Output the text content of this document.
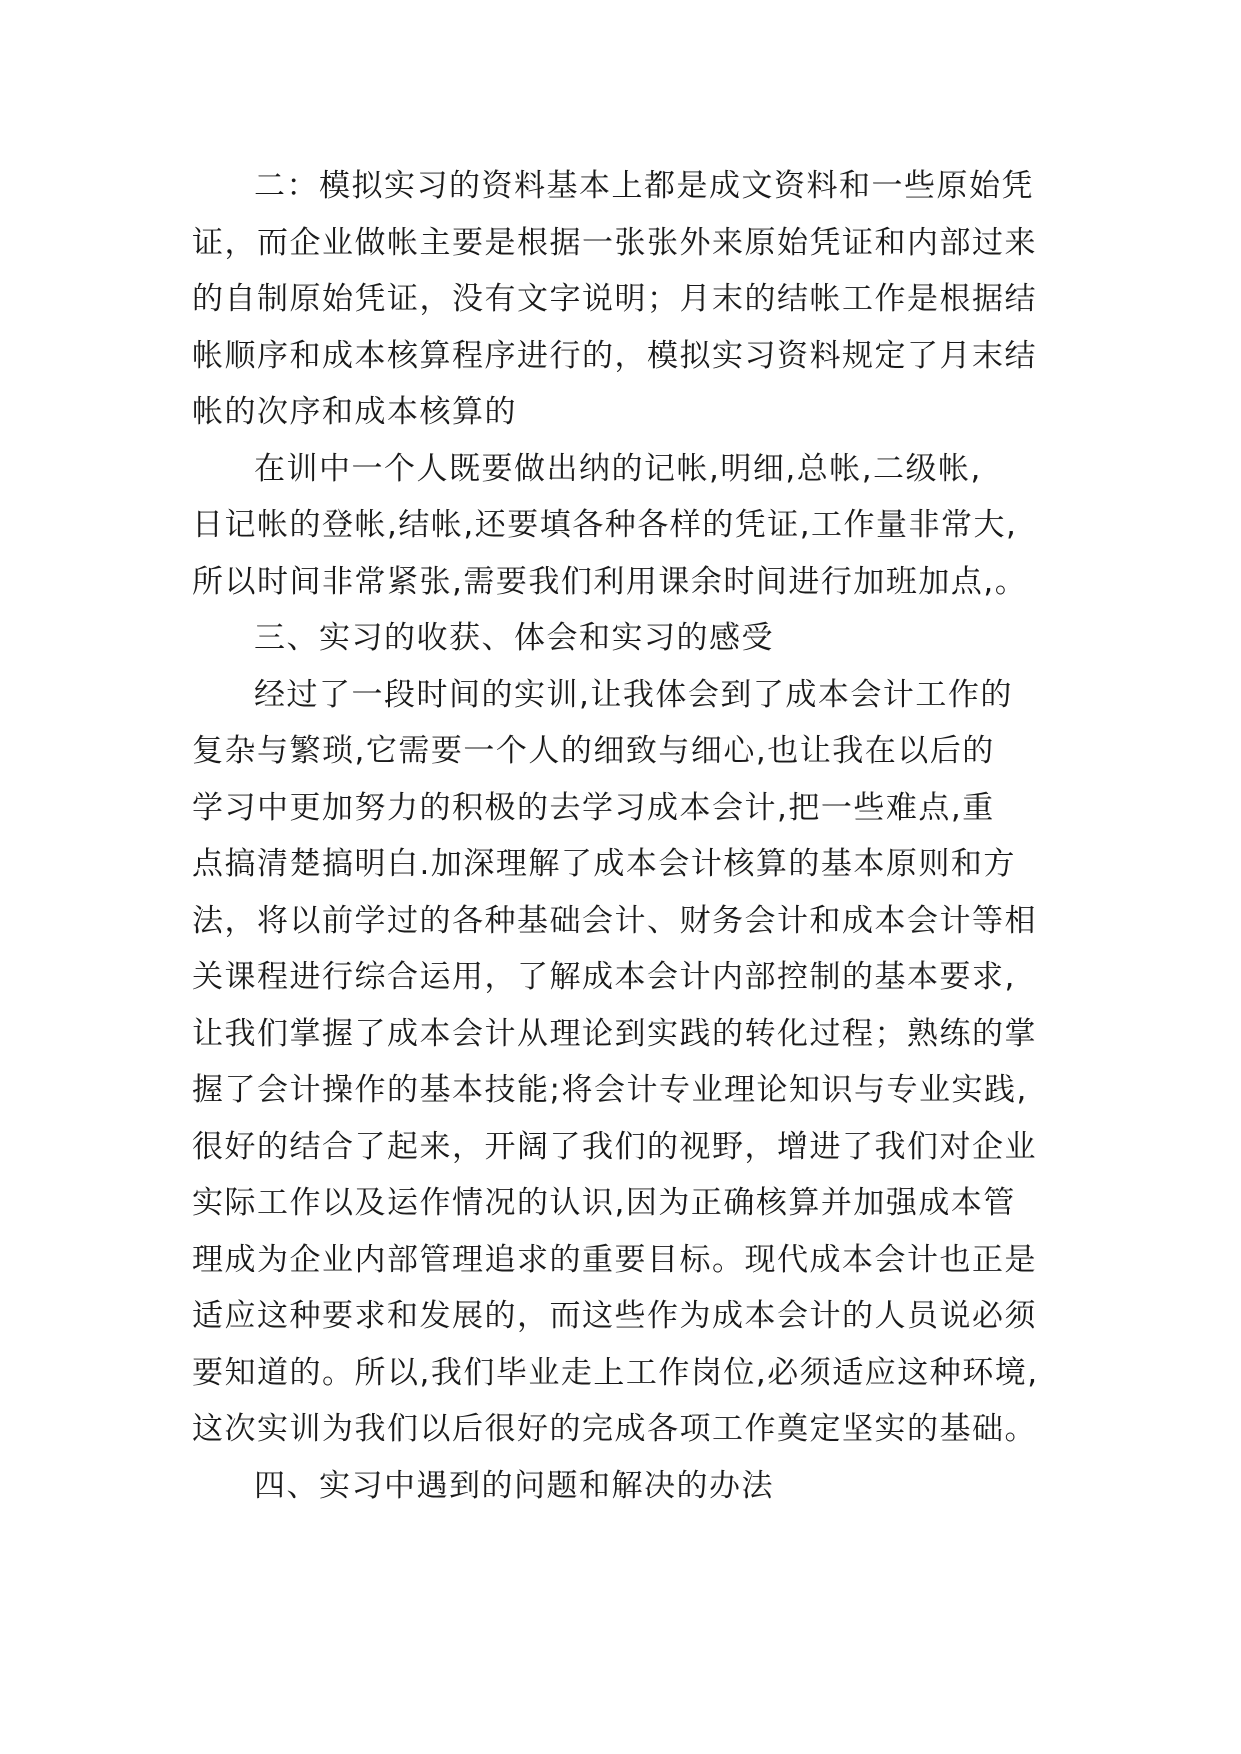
二：模拟实习的资料基本上都是成文资料和一些原始凭
证，而企业做帐主要是根据一张张外来原始凭证和内部过来
的自制原始凭证，没有文字说明；月末的结帐工作是根据结
帐顺序和成本核算程序进行的，模拟实习资料规定了月末结
帐的次序和成本核算的

在训中一个人既要做出纳的记帐,明细,总帐,二级帐,
日记帐的登帐,结帐,还要填各种各样的凭证,工作量非常大,
所以时间非常紧张,需要我们利用课余时间进行加班加点,。

三、实习的收获、体会和实习的感受

经过了一段时间的实训,让我体会到了成本会计工作的
复杂与繁琐,它需要一个人的细致与细心,也让我在以后的
学习中更加努力的积极的去学习成本会计,把一些难点,重
点搞清楚搞明白.加深理解了成本会计核算的基本原则和方
法，将以前学过的各种基础会计、财务会计和成本会计等相
关课程进行综合运用，了解成本会计内部控制的基本要求,
让我们掌握了成本会计从理论到实践的转化过程；熟练的掌
握了会计操作的基本技能;将会计专业理论知识与专业实践,
很好的结合了起来，开阔了我们的视野，增进了我们对企业
实际工作以及运作情况的认识,因为正确核算并加强成本管
理成为企业内部管理追求的重要目标。现代成本会计也正是
适应这种要求和发展的，而这些作为成本会计的人员说必须
要知道的。所以,我们毕业走上工作岗位,必须适应这种环境,
这次实训为我们以后很好的完成各项工作奠定坚实的基础。

四、实习中遇到的问题和解决的办法
